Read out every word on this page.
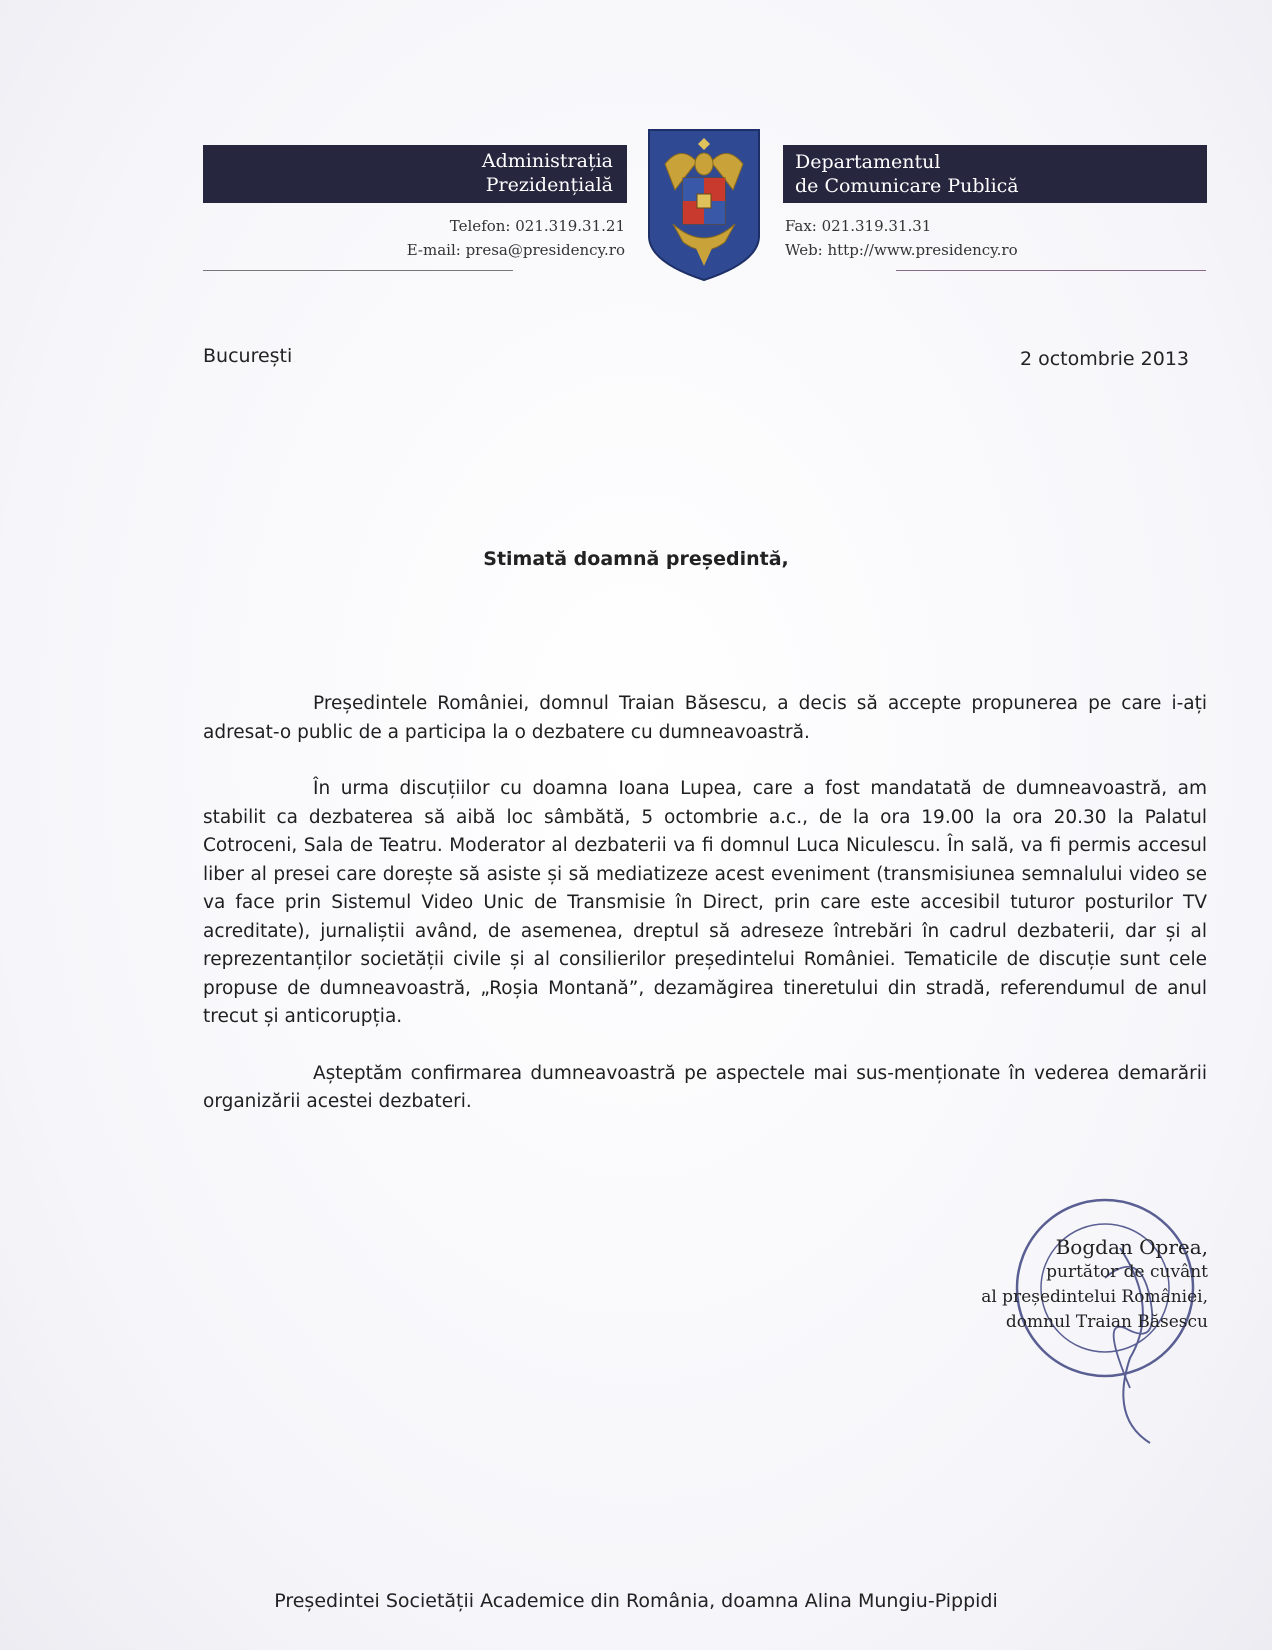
Administrația
Prezidențială
Departamentul
de Comunicare Publică
Telefon: 021.319.31.21
E-mail: presa@presidency.ro
Fax: 021.319.31.31
Web: http://www.presidency.ro
București	2 octombrie 2013
Stimată doamnă președintă,

Președintele României, domnul Traian Băsescu, a decis să accepte propunerea pe care i-ați adresat-o public de a participa la o dezbatere cu dumneavoastră.

În urma discuțiilor cu doamna Ioana Lupea, care a fost mandatată de dumneavoastră, am stabilit ca dezbaterea să aibă loc sâmbătă, 5 octombrie a.c., de la ora 19.00 la ora 20.30 la Palatul Cotroceni, Sala de Teatru. Moderator al dezbaterii va fi domnul Luca Niculescu. În sală, va fi permis accesul liber al presei care dorește să asiste și să mediatizeze acest eveniment (transmisiunea semnalului video se va face prin Sistemul Video Unic de Transmisie în Direct, prin care este accesibil tuturor posturilor TV acreditate), jurnaliștii având, de asemenea, dreptul să adreseze întrebări în cadrul dezbaterii, dar și al reprezentanților societății civile și al consilierilor președintelui României. Tematicile de discuție sunt cele propuse de dumneavoastră, „Roșia Montană”, dezamăgirea tineretului din stradă, referendumul de anul trecut și anticorupția.

Așteptăm confirmarea dumneavoastră pe aspectele mai sus-menționate în vederea demarării organizării acestei dezbateri.

Bogdan Oprea,
purtător de cuvânt
al președintelui României,
domnul Traian Băsescu
Președintei Societății Academice din România, doamna Alina Mungiu-Pippidi
